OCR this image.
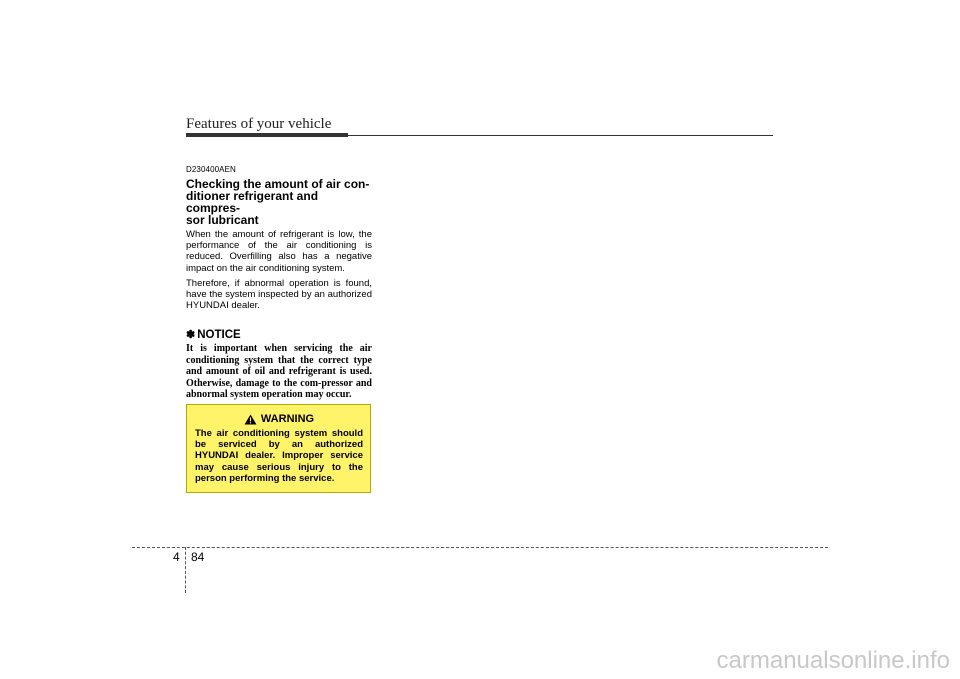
Features of your vehicle
D230400AEN
Checking the amount of air con-
ditioner refrigerant and compres-
sor lubricant

When the amount of refrigerant is low, the performance of the air conditioning is reduced. Overfilling also has a negative impact on the air conditioning system.

Therefore, if abnormal operation is found, have the system inspected by an authorized HYUNDAI dealer.

✽ NOTICE

It is important when servicing the air conditioning system that the correct type and amount of oil and refrigerant is used. Otherwise, damage to the com-pressor and abnormal system operation may occur.

WARNING

The air conditioning system should be serviced by an authorized HYUNDAI dealer. Improper service may cause serious injury to the person performing the service.

4 84
carmanualsonline.info
